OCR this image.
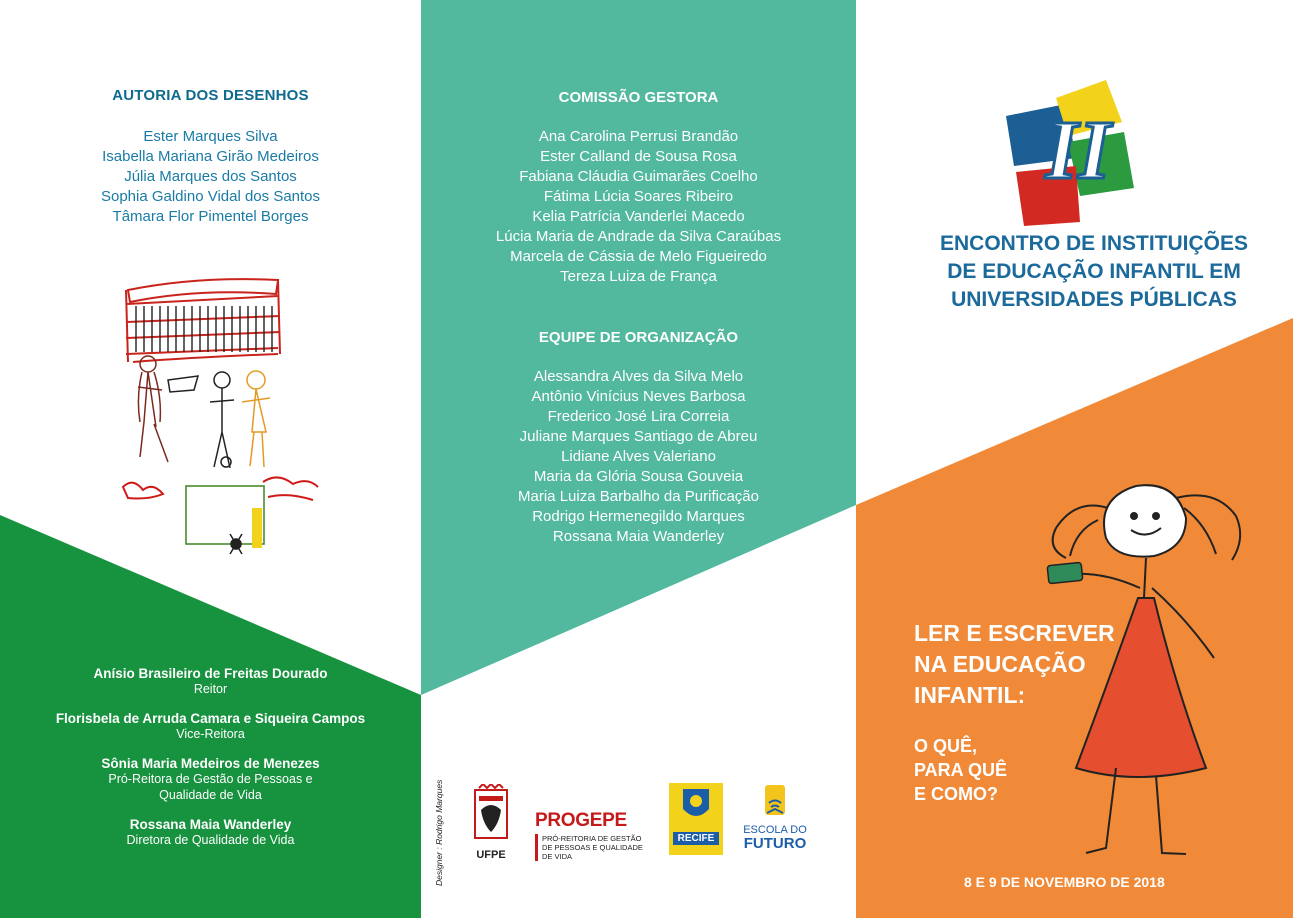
AUTORIA DOS DESENHOS
Ester Marques Silva
Isabella Mariana Girão Medeiros
Júlia Marques dos Santos
Sophia Galdino Vidal dos Santos
Tâmara Flor Pimentel Borges
Anísio Brasileiro de Freitas Dourado
Reitor
Florisbela de Arruda Camara e Siqueira Campos
Vice-Reitora
Sônia Maria Medeiros de Menezes
Pró-Reitora de Gestão de Pessoas e
Qualidade de Vida
Rossana Maia Wanderley
Diretora de Qualidade de Vida
COMISSÃO GESTORA
Ana Carolina Perrusi Brandão
Ester Calland de Sousa Rosa
Fabiana Cláudia Guimarães Coelho
Fátima Lúcia Soares Ribeiro
Kelia Patrícia Vanderlei Macedo
Lúcia Maria de Andrade da Silva Caraúbas
Marcela de Cássia de Melo Figueiredo
Tereza Luiza de França
EQUIPE DE ORGANIZAÇÃO
Alessandra Alves da Silva Melo
Antônio Vinícius Neves Barbosa
Frederico José Lira Correia
Juliane Marques Santiago de Abreu
Lidiane Alves Valeriano
Maria da Glória Sousa Gouveia
Maria Luiza Barbalho da Purificação
Rodrigo Hermenegildo Marques
Rossana Maia Wanderley
Designer : Rodrigo Marques	UFPE
PROGEPE
PRÓ-REITORIA DE GESTÃO
DE PESSOAS E QUALIDADE DE VIDA
RECIFE
ESCOLA DO
FUTURO
II
ENCONTRO DE INSTITUIÇÕES
DE EDUCAÇÃO INFANTIL EM
UNIVERSIDADES PÚBLICAS
LER E ESCREVER
NA EDUCAÇÃO
INFANTIL:
O QUÊ,
PARA QUÊ
E COMO?
8 E 9 DE NOVEMBRO DE 2018
